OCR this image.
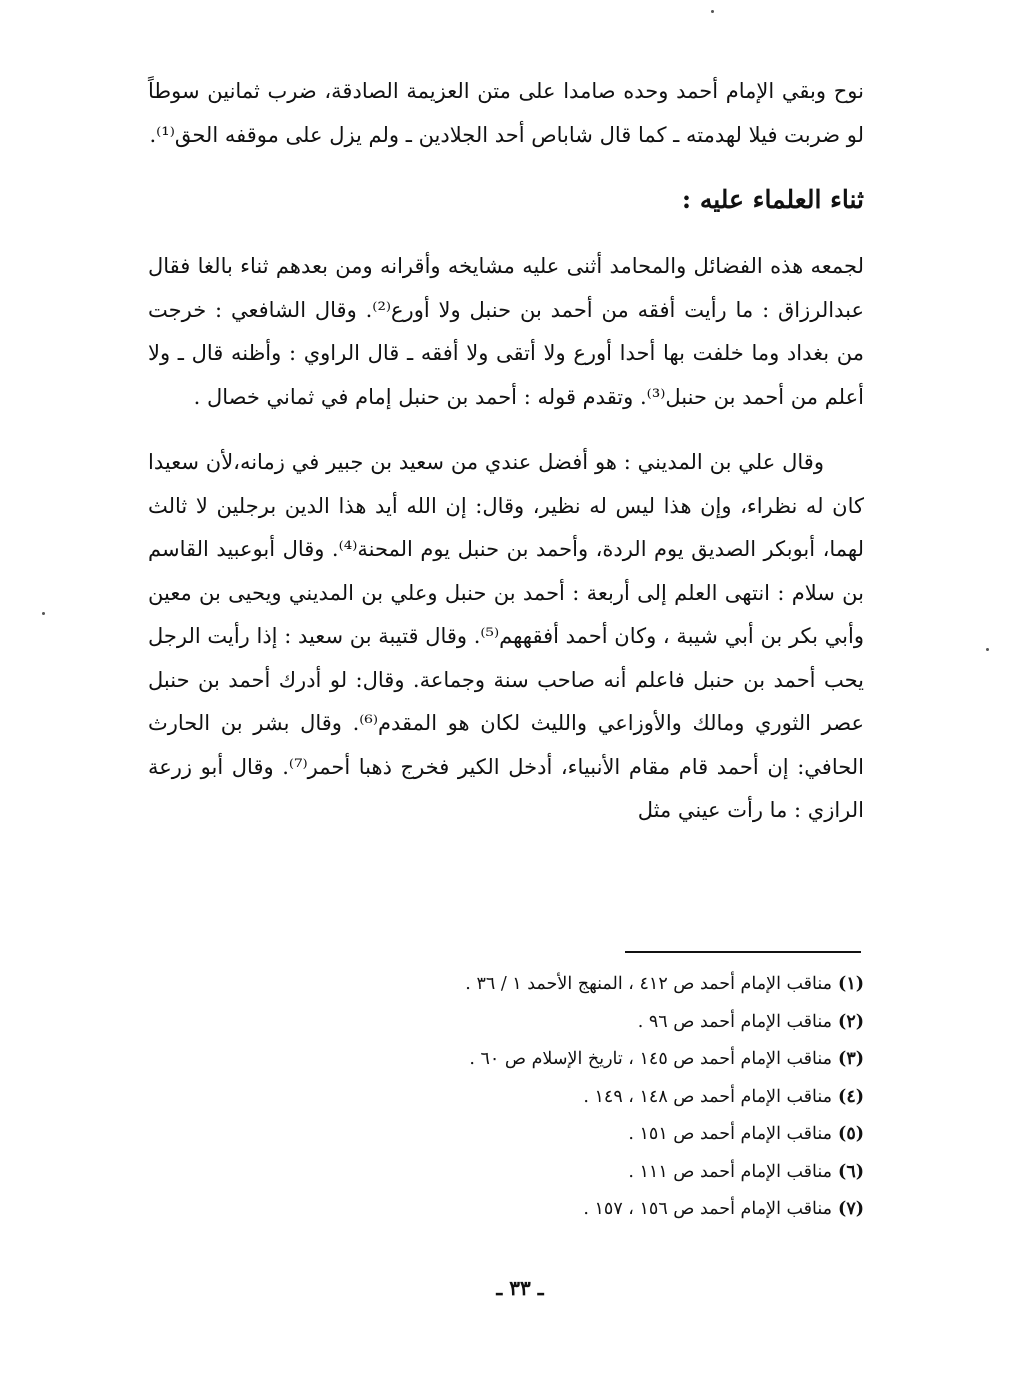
نوح وبقي الإمام أحمد وحده صامدا على متن العزيمة الصادقة، ضرب ثمانين سوطاً لو ضربت فيلا لهدمته ـ كما قال شاباص أحد الجلادين ـ ولم يزل على موقفه الحق⁽¹⁾.

ثناء العلماء عليه :

لجمعه هذه الفضائل والمحامد أثنى عليه مشايخه وأقرانه ومن بعدهم ثناء بالغا فقال عبدالرزاق : ما رأيت أفقه من أحمد بن حنبل ولا أورع⁽²⁾. وقال الشافعي : خرجت من بغداد وما خلفت بها أحدا أورع ولا أتقى ولا أفقه ـ قال الراوي : وأظنه قال ـ ولا أعلم من أحمد بن حنبل⁽³⁾. وتقدم قوله : أحمد بن حنبل إمام في ثماني خصال .

وقال علي بن المديني : هو أفضل عندي من سعيد بن جبير في زمانه،لأن سعيدا كان له نظراء، وإن هذا ليس له نظير، وقال: إن الله أيد هذا الدين برجلين لا ثالث لهما، أبوبكر الصديق يوم الردة، وأحمد بن حنبل يوم المحنة⁽⁴⁾. وقال أبوعبيد القاسم بن سلام : انتهى العلم إلى أربعة : أحمد بن حنبل وعلي بن المديني ويحيى بن معين وأبي بكر بن أبي شيبة ، وكان أحمد أفقههم⁽⁵⁾. وقال قتيبة بن سعيد : إذا رأيت الرجل يحب أحمد بن حنبل فاعلم أنه صاحب سنة وجماعة. وقال: لو أدرك أحمد بن حنبل عصر الثوري ومالك والأوزاعي والليث لكان هو المقدم⁽⁶⁾. وقال بشر بن الحارث الحافي: إن أحمد قام مقام الأنبياء، أدخل الكير فخرج ذهبا أحمر⁽⁷⁾. وقال أبو زرعة الرازي : ما رأت عيني مثل

(١)مناقب الإمام أحمد ص ٤١٢ ، المنهج الأحمد ١ / ٣٦ .
(٢)مناقب الإمام أحمد ص ٩٦ .
(٣)مناقب الإمام أحمد ص ١٤٥ ، تاريخ الإسلام ص ٦٠ .
(٤)مناقب الإمام أحمد ص ١٤٨ ، ١٤٩ .
(٥)مناقب الإمام أحمد ص ١٥١ .
(٦)مناقب الإمام أحمد ص ١١١ .
(٧)مناقب الإمام أحمد ص ١٥٦ ، ١٥٧ .
ـ ٣٣ ـ
